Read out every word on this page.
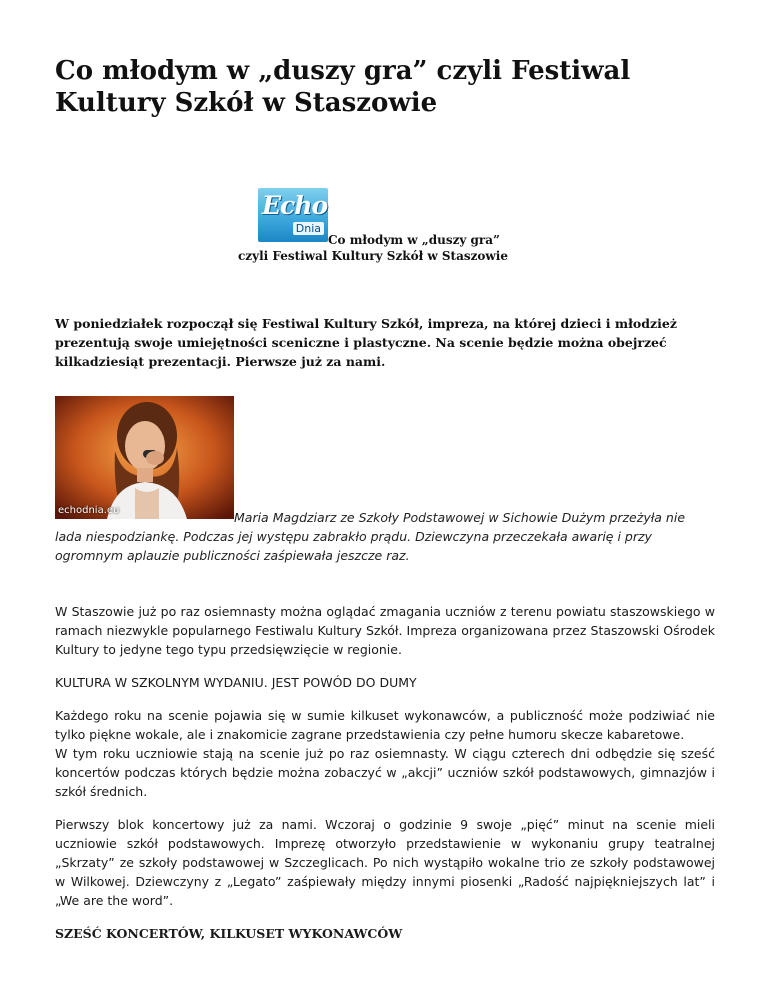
Co młodym w „duszy gra” czyli Festiwal Kultury Szkół w Staszowie
Echo
Dnia
Co młodym w „duszy gra”
czyli Festiwal Kultury Szkół w Staszowie

W poniedziałek rozpoczął się Festiwal Kultury Szkół, impreza, na której dzieci i młodzież prezentują swoje umiejętności sceniczne i plastyczne. Na scenie będzie można obejrzeć kilkadziesiąt prezentacji. Pierwsze już za nami.

echodnia.eu	Maria Magdziarz ze Szkoły Podstawowej w Sichowie Dużym przeżyła nie lada niespodziankę. Podczas jej występu zabrakło prądu. Dziewczyna przeczekała awarię i przy ogromnym aplauzie publiczności zaśpiewała jeszcze raz.

W Staszowie już po raz osiemnasty można oglądać zmagania uczniów z terenu powiatu staszowskiego w ramach niezwykle popularnego Festiwalu Kultury Szkół. Impreza organizowana przez Staszowski Ośrodek Kultury to jedyne tego typu przedsięwzięcie w regionie.

KULTURA W SZKOLNYM WYDANIU. JEST POWÓD DO DUMY

Każdego roku na scenie pojawia się w sumie kilkuset wykonawców, a publiczność może podziwiać nie tylko piękne wokale, ale i znakomicie zagrane przedstawienia czy pełne humoru skecze kabaretowe.
W tym roku uczniowie stają na scenie już po raz osiemnasty. W ciągu czterech dni odbędzie się sześć koncertów podczas których będzie można zobaczyć w „akcji” uczniów szkół podstawowych, gimnazjów i szkół średnich.

Pierwszy blok koncertowy już za nami. Wczoraj o godzinie 9 swoje „pięć” minut na scenie mieli uczniowie szkół podstawowych. Imprezę otworzyło przedstawienie w wykonaniu grupy teatralnej „Skrzaty” ze szkoły podstawowej w Szczeglicach. Po nich wystąpiło wokalne trio ze szkoły podstawowej w Wilkowej. Dziewczyny z „Legato” zaśpiewały między innymi piosenki „Radość najpiękniejszych lat” i „We are the word”.

SZEŚĆ KONCERTÓW, KILKUSET WYKONAWCÓW
